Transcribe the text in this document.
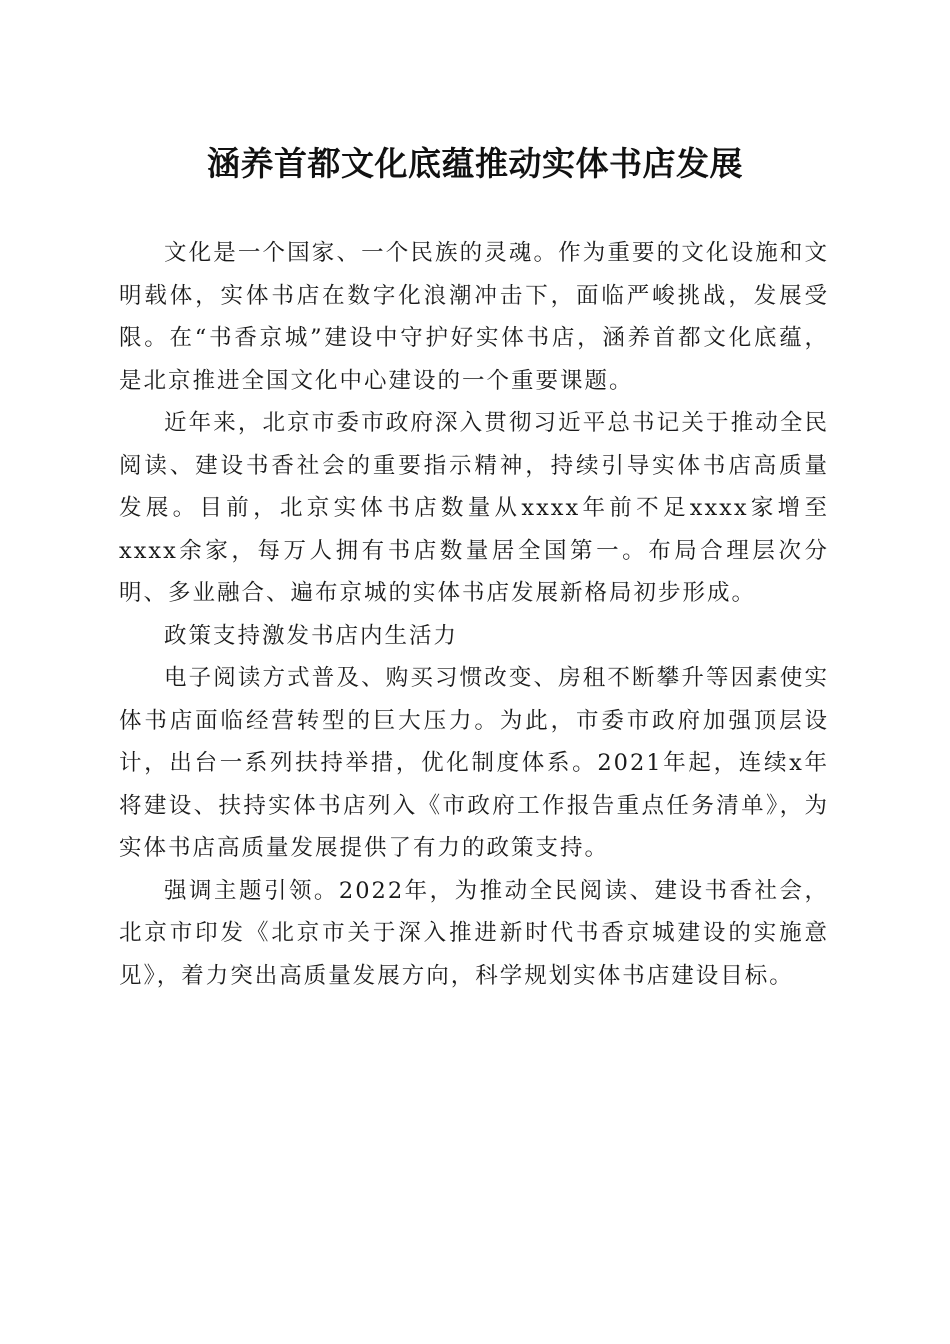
涵养首都文化底蕴推动实体书店发展

文化是一个国家、一个民族的灵魂。作为重要的文化设施和文明载体，实体书店在数字化浪潮冲击下，面临严峻挑战，发展受限。在“书香京城”建设中守护好实体书店，涵养首都文化底蕴，是北京推进全国文化中心建设的一个重要课题。

近年来，北京市委市政府深入贯彻习近平总书记关于推动全民阅读、建设书香社会的重要指示精神，持续引导实体书店高质量发展。目前，北京实体书店数量从xxxx年前不足xxxx家增至xxxx余家，每万人拥有书店数量居全国第一。布局合理层次分明、多业融合、遍布京城的实体书店发展新格局初步形成。

政策支持激发书店内生活力

电子阅读方式普及、购买习惯改变、房租不断攀升等因素使实体书店面临经营转型的巨大压力。为此，市委市政府加强顶层设计，出台一系列扶持举措，优化制度体系。2021年起，连续x年将建设、扶持实体书店列入《市政府工作报告重点任务清单》，为实体书店高质量发展提供了有力的政策支持。

强调主题引领。2022年，为推动全民阅读、建设书香社会，北京市印发《北京市关于深入推进新时代书香京城建设的实施意见》，着力突出高质量发展方向，科学规划实体书店建设目标。
